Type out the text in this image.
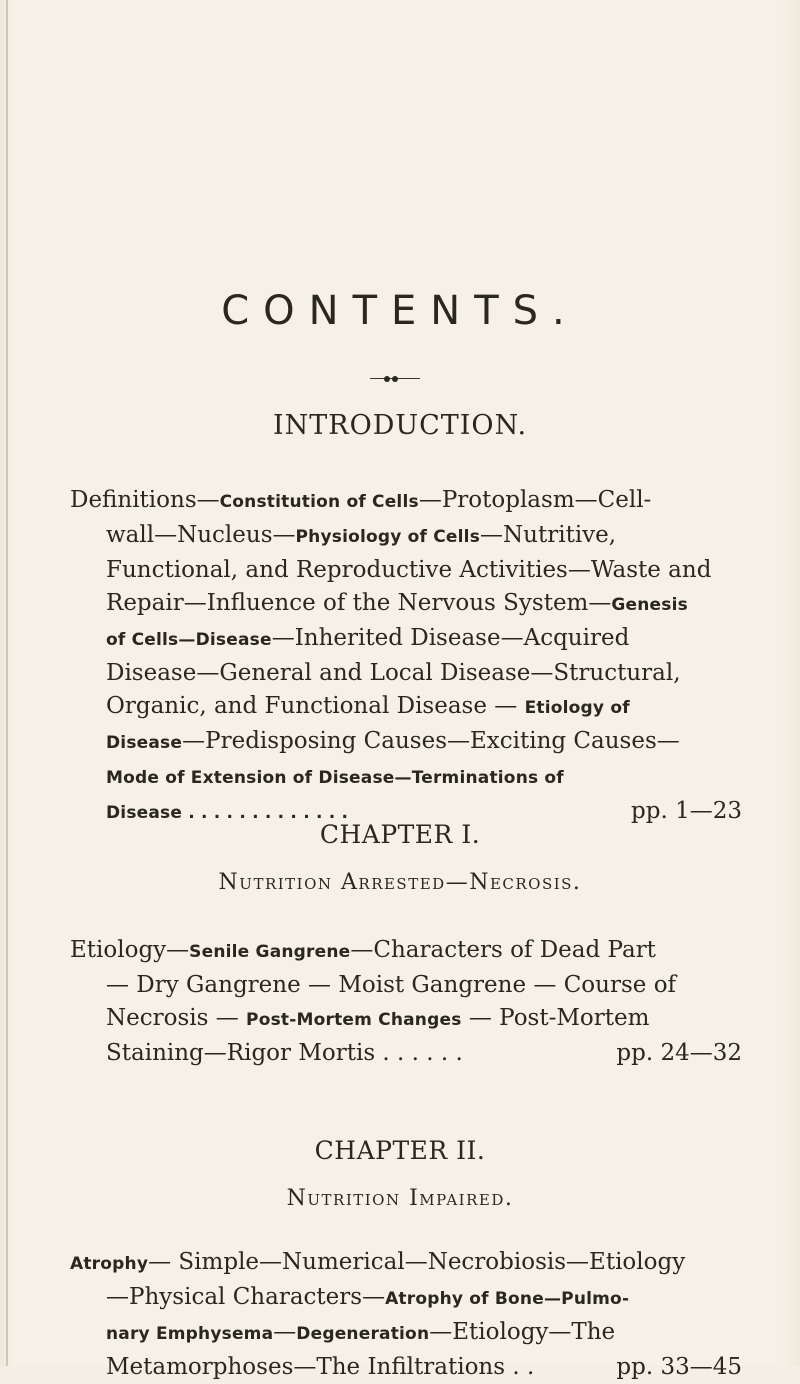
CONTENTS.
INTRODUCTION.
Definitions—Constitution of Cells—Protoplasm—Cell-
wall—Nucleus—Physiology of Cells—Nutritive,
Functional, and Reproductive Activities—Waste and
Repair—Influence of the Nervous System—Genesis
of Cells—Disease—Inherited Disease—Acquired
Disease—General and Local Disease—Structural,
Organic, and Functional Disease — Etiology of
Disease—Predisposing Causes—Exciting Causes—
Mode of Extension of Disease—Terminations of
Disease . . . . . . . . . . . . .	pp. 1—23
CHAPTER I.
Nutrition Arrested—Necrosis.
Etiology—Senile Gangrene—Characters of Dead Part
— Dry Gangrene — Moist Gangrene — Course of
Necrosis — Post-Mortem Changes — Post-Mortem
Staining—Rigor Mortis . . . . . .	pp. 24—32
CHAPTER II.
Nutrition Impaired.
Atrophy— Simple—Numerical—Necrobiosis—Etiology
—Physical Characters—Atrophy of Bone—Pulmo-
nary Emphysema—Degeneration—Etiology—The
Metamorphoses—The Infiltrations . .	pp. 33—45
